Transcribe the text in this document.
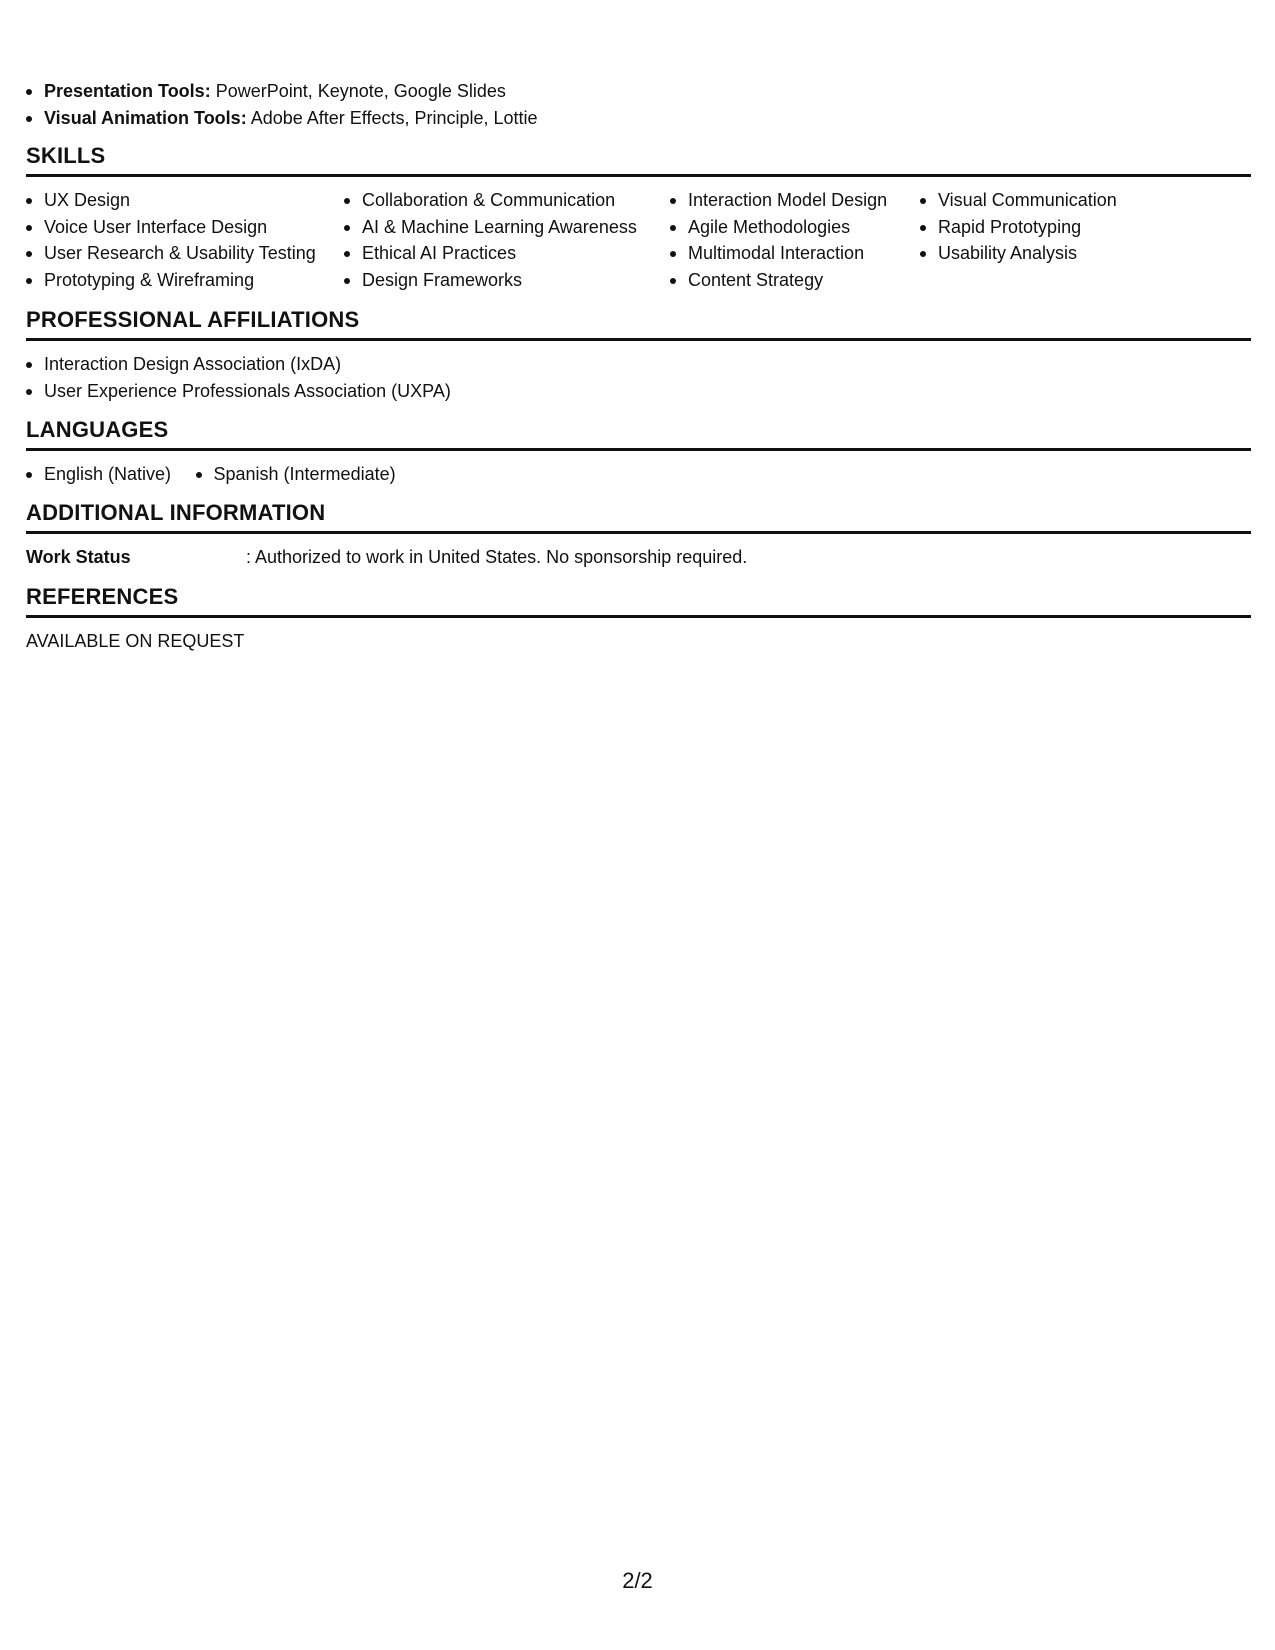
Presentation Tools: PowerPoint, Keynote, Google Slides
Visual Animation Tools: Adobe After Effects, Principle, Lottie
SKILLS
UX Design
Voice User Interface Design
User Research & Usability Testing
Prototyping & Wireframing
Collaboration & Communication
AI & Machine Learning Awareness
Ethical AI Practices
Design Frameworks
Interaction Model Design
Agile Methodologies
Multimodal Interaction
Content Strategy
Visual Communication
Rapid Prototyping
Usability Analysis
PROFESSIONAL AFFILIATIONS
Interaction Design Association (IxDA)
User Experience Professionals Association (UXPA)
LANGUAGES
English (Native) Spanish (Intermediate)
ADDITIONAL INFORMATION
Work Status	: Authorized to work in United States. No sponsorship required.
REFERENCES
AVAILABLE ON REQUEST
2/2
